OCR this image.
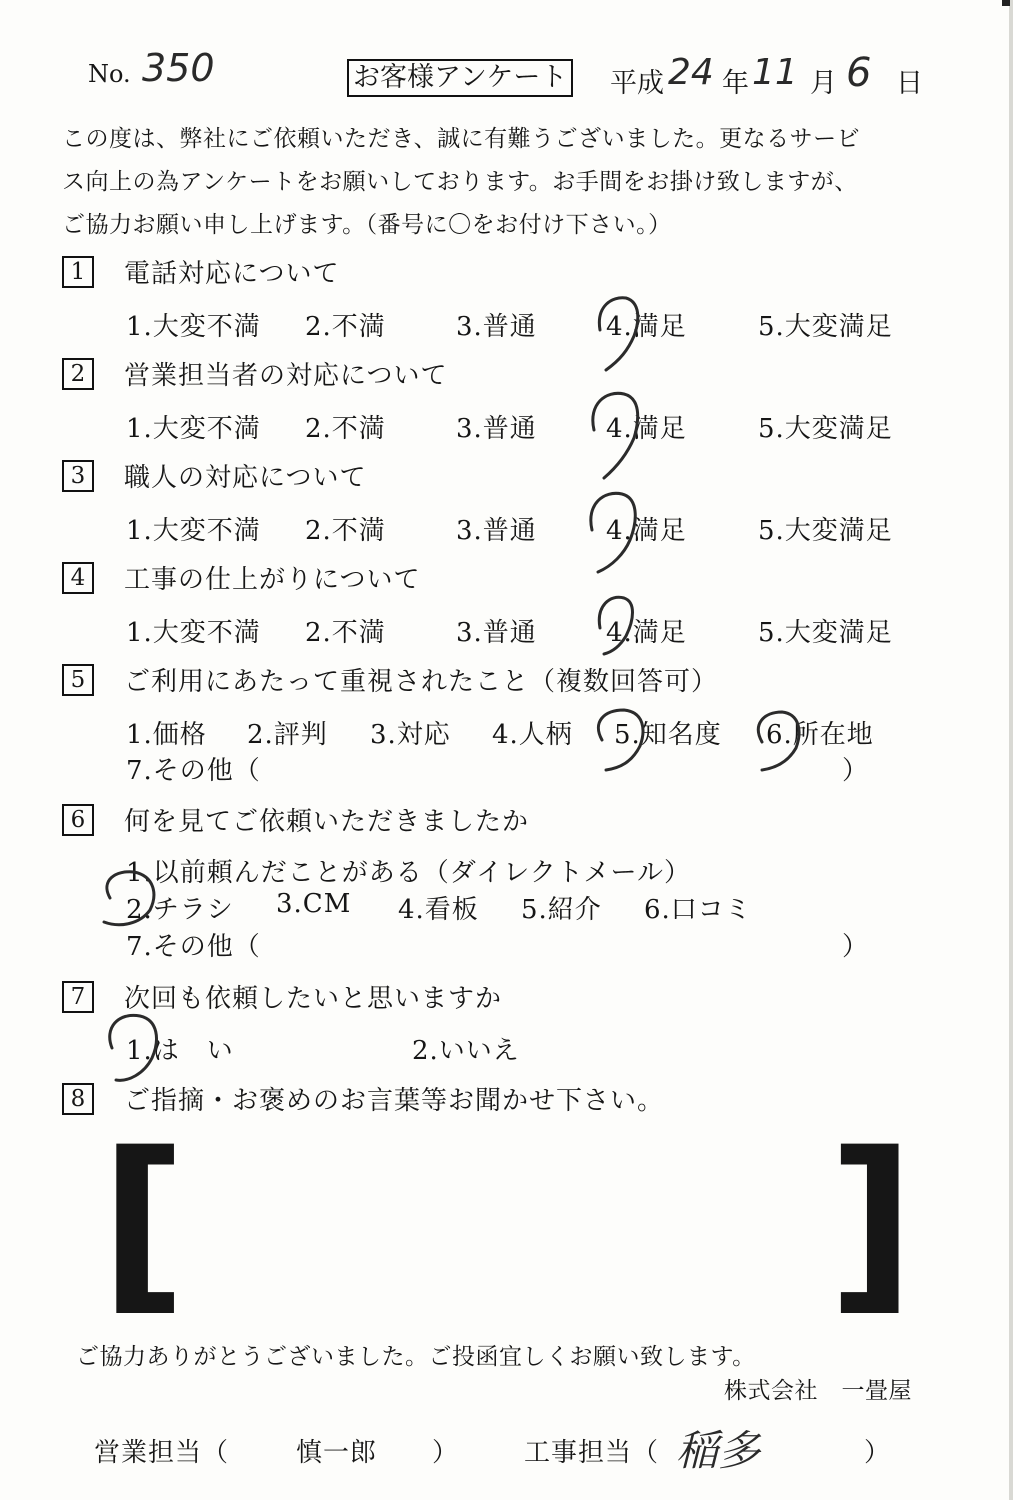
No. 350	お客様アンケート 平成 24 年 11 月 6 日
この度は、弊社にご依頼いただき、誠に有難うございました。更なるサービ
ス向上の為アンケートをお願いしております。お手間をお掛け致しますが、
ご協力お願い申し上げます。（番号に〇をお付け下さい。）
1	電話対応について
1.大変不満 2.不満	3.普通	4.満足	5.大変満足
2	営業担当者の対応について
1.大変不満 2.不満	3.普通	4.満足	5.大変満足
3	職人の対応について
1.大変不満 2.不満	3.普通	4.満足	5.大変満足
4	工事の仕上がりについて
1.大変不満 2.不満	3.普通	4.満足	5.大変満足
5	ご利用にあたって重視されたこと（複数回答可）
1.価格 2.評判 3.対応 4.人柄 5.知名度 6.所在地
7.その他（	）
6	何を見てご依頼いただきましたか
1.以前頼んだことがある（ダイレクトメール）
2.チラシ 3.CM 4.看板 5.紹介 6.口コミ
7.その他（	）
7	次回も依頼したいと思いますか
1.は　い	2.いいえ
8	ご指摘・お褒めのお言葉等お聞かせ下さい。
[	]
ご協力ありがとうございました。ご投函宜しくお願い致します。
株式会社　一畳屋
営業担当（	慎一郎 ） 工事担当（ 稲多	）
